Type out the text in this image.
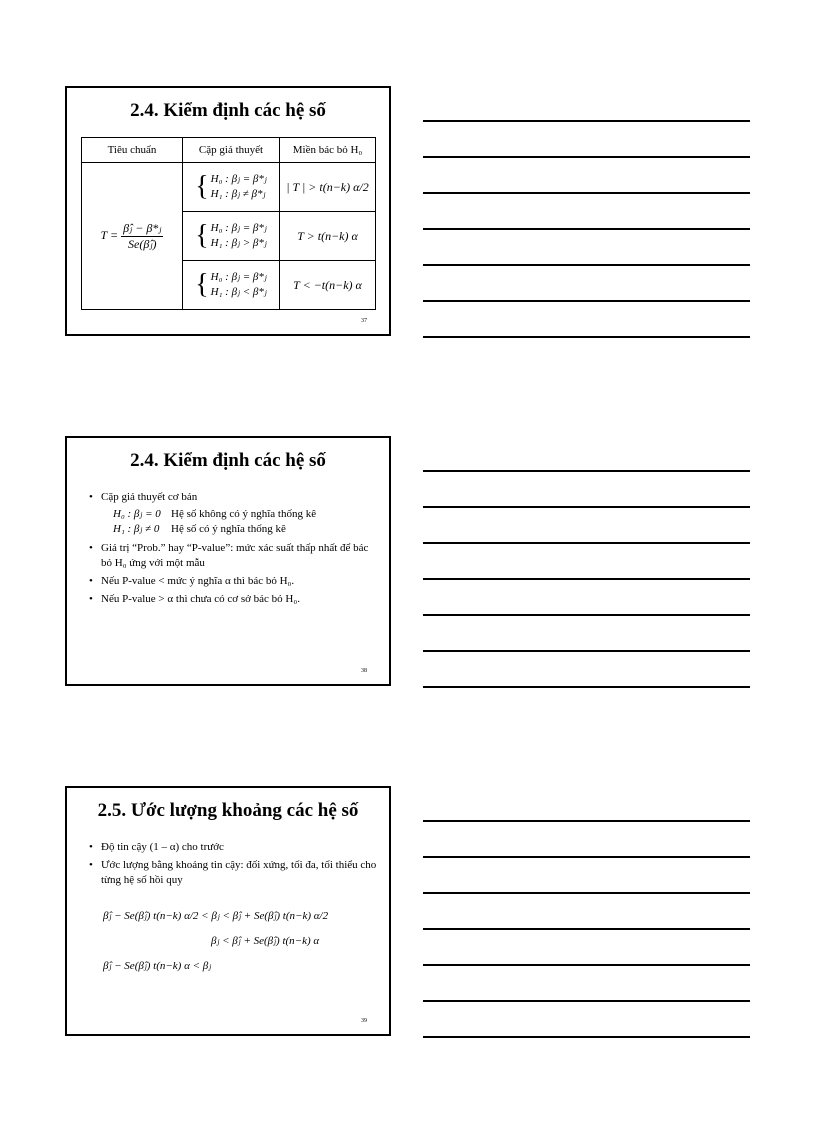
2.4. Kiểm định các hệ số
Tiêu chuẩn	Cặp giả thuyết	Miền bác bỏ H₀
$T = \frac{\text{β̂ⱼ − β*ⱼ}}{\text{Se(β̂ⱼ)}}$	{ H₀ : βⱼ = β*ⱼ
H₁ : βⱼ ≠ β*ⱼ	| T | > t(n−k) α/2

	{ H₀ : βⱼ = β*ⱼ
H₁ : βⱼ > β*ⱼ	T > t(n−k) α

	{ H₀ : βⱼ = β*ⱼ
H₁ : βⱼ < β*ⱼ	T < −t(n−k) α
37
2.4. Kiểm định các hệ số
• Cặp giả thuyết cơ bản
H₀ : βⱼ = 0 Hệ số không có ý nghĩa thống kê
H₁ : βⱼ ≠ 0	Hệ số có ý nghĩa thống kê
• Giá trị “Prob.” hay “P-value”: mức xác suất thấp nhất để bác bỏ H₀ ứng với một mẫu
• Nếu P-value < mức ý nghĩa α thì bác bỏ H₀.
• Nếu P-value > α thì chưa có cơ sở bác bỏ H₀.
38
2.5. Ước lượng khoảng các hệ số
• Độ tin cậy (1 – α) cho trước
• Ước lượng bằng khoảng tin cậy: đối xứng, tối đa, tối thiểu cho từng hệ số hồi quy
β̂ⱼ − Se(β̂ⱼ) t(n−k) α/2 < βⱼ < β̂ⱼ + Se(β̂ⱼ) t(n−k) α/2
βⱼ < β̂ⱼ + Se(β̂ⱼ) t(n−k) α
β̂ⱼ − Se(β̂ⱼ) t(n−k) α < βⱼ
39
